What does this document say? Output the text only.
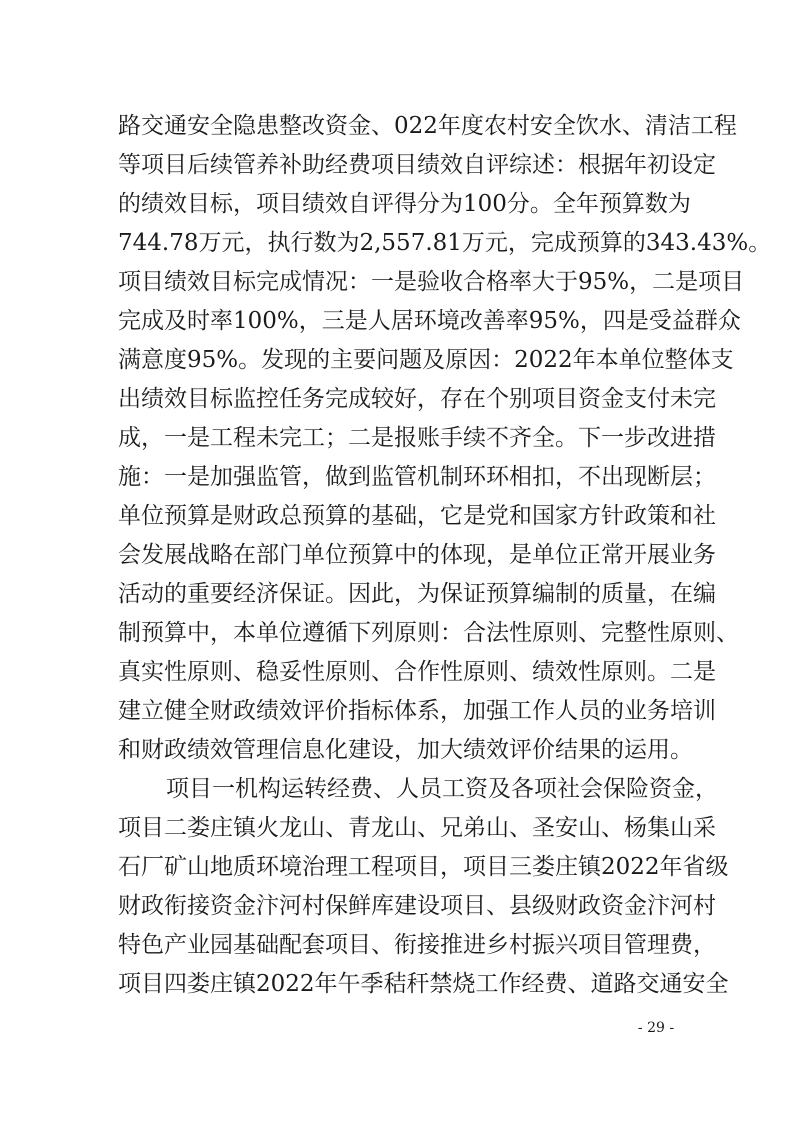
路交通安全隐患整改资金、022年度农村安全饮水、清洁工程
等项目后续管养补助经费项目绩效自评综述：根据年初设定
的绩效目标，项目绩效自评得分为100分。全年预算数为
744.78万元，执行数为2,557.81万元，完成预算的343.43%。
项目绩效目标完成情况：一是验收合格率大于95%，二是项目
完成及时率100%，三是人居环境改善率95%，四是受益群众
满意度95%。发现的主要问题及原因：2022年本单位整体支
出绩效目标监控任务完成较好，存在个别项目资金支付未完
成，一是工程未完工；二是报账手续不齐全。下一步改进措
施：一是加强监管，做到监管机制环环相扣，不出现断层；
单位预算是财政总预算的基础，它是党和国家方针政策和社
会发展战略在部门单位预算中的体现，是单位正常开展业务
活动的重要经济保证。因此，为保证预算编制的质量，在编
制预算中，本单位遵循下列原则：合法性原则、完整性原则、
真实性原则、稳妥性原则、合作性原则、绩效性原则。二是
建立健全财政绩效评价指标体系，加强工作人员的业务培训
和财政绩效管理信息化建设，加大绩效评价结果的运用。
项目一机构运转经费、人员工资及各项社会保险资金，
项目二娄庄镇火龙山、青龙山、兄弟山、圣安山、杨集山采
石厂矿山地质环境治理工程项目，项目三娄庄镇2022年省级
财政衔接资金汴河村保鲜库建设项目、县级财政资金汴河村
特色产业园基础配套项目、衔接推进乡村振兴项目管理费，
项目四娄庄镇2022年午季秸秆禁烧工作经费、道路交通安全
- 29 -
